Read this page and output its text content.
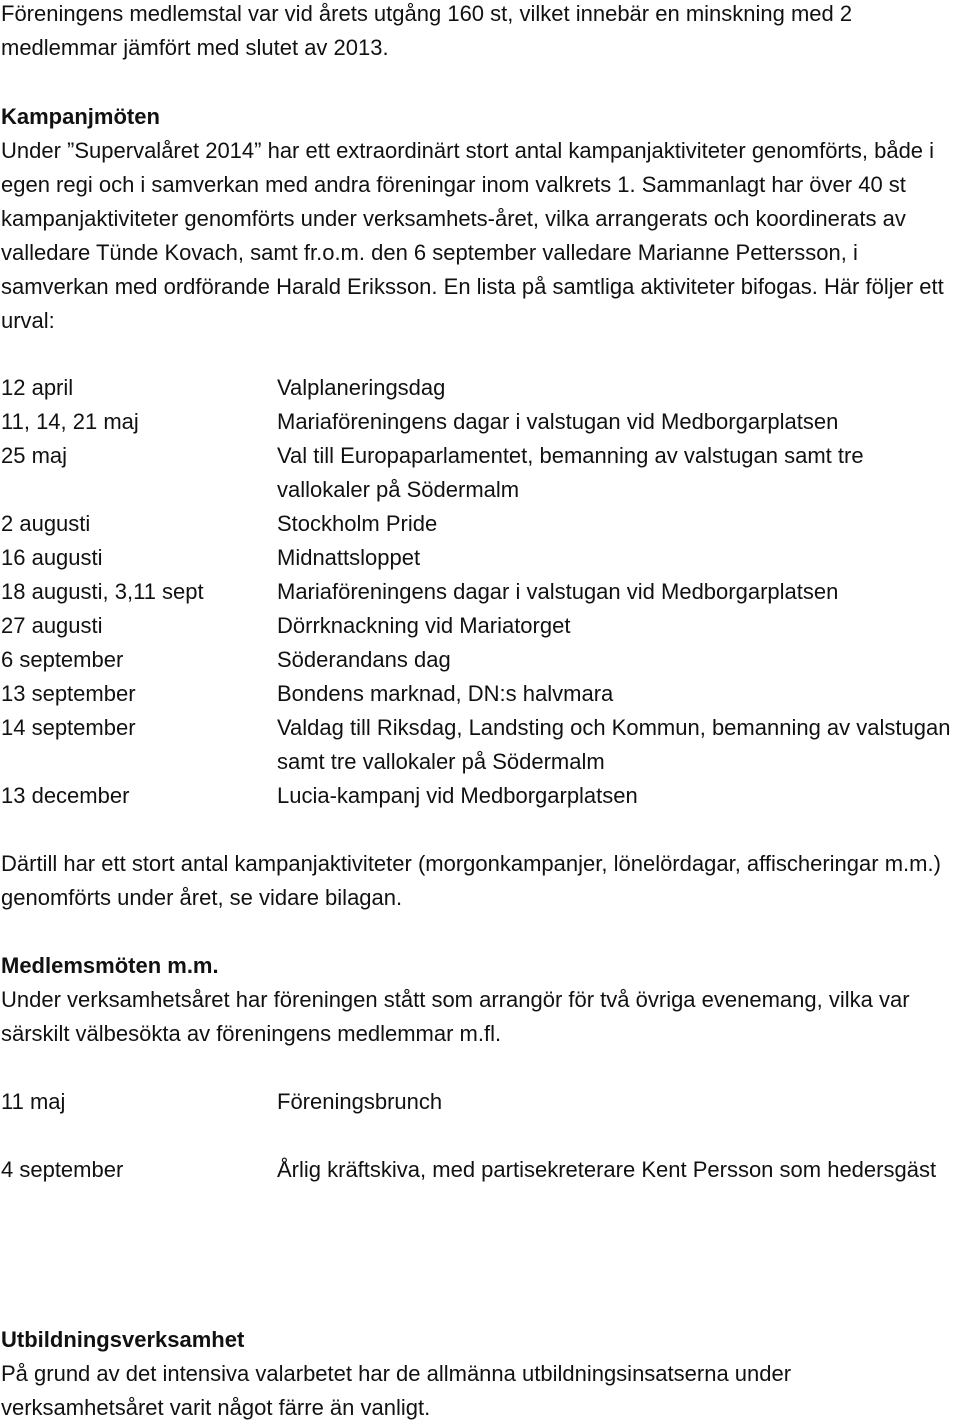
Föreningens medlemstal var vid årets utgång 160 st, vilket innebär en minskning med 2 medlemmar jämfört med slutet av 2013.

Kampanjmöten

Under ”Supervalåret 2014” har ett extraordinärt stort antal kampanjaktiviteter genomförts, både i egen regi och i samverkan med andra föreningar inom valkrets 1. Sammanlagt har över 40 st kampanjaktiviteter genomförts under verksamhets-året, vilka arrangerats och koordinerats av valledare Tünde Kovach, samt fr.o.m. den 6 september valledare Marianne Pettersson, i samverkan med ordförande Harald Eriksson. En lista på samtliga aktiviteter bifogas. Här följer ett urval:

12 april	Valplaneringsdag
11, 14, 21 maj	Mariaföreningens dagar i valstugan vid Medborgarplatsen
25 maj	Val till Europaparlamentet, bemanning av valstugan samt tre vallokaler på Södermalm
2 augusti	Stockholm Pride
16 augusti	Midnattsloppet
18 augusti, 3,11 sept	Mariaföreningens dagar i valstugan vid Medborgarplatsen
27 augusti	Dörrknackning vid Mariatorget
6 september	Söderandans dag
13 september	Bondens marknad, DN:s halvmara
14 september	Valdag till Riksdag, Landsting och Kommun, bemanning av valstugan samt tre vallokaler på Södermalm
13 december	Lucia-kampanj vid Medborgarplatsen

Därtill har ett stort antal kampanjaktiviteter (morgonkampanjer, lönelördagar, affischeringar m.m.) genomförts under året, se vidare bilagan.

Medlemsmöten m.m.

Under verksamhetsåret har föreningen stått som arrangör för två övriga evenemang, vilka var särskilt välbesökta av föreningens medlemmar m.fl.

11 maj	Föreningsbrunch
4 september	Årlig kräftskiva, med partisekreterare Kent Persson som hedersgäst
Utbildningsverksamhet

På grund av det intensiva valarbetet har de allmänna utbildningsinsatserna under verksamhetsåret varit något färre än vanligt.
